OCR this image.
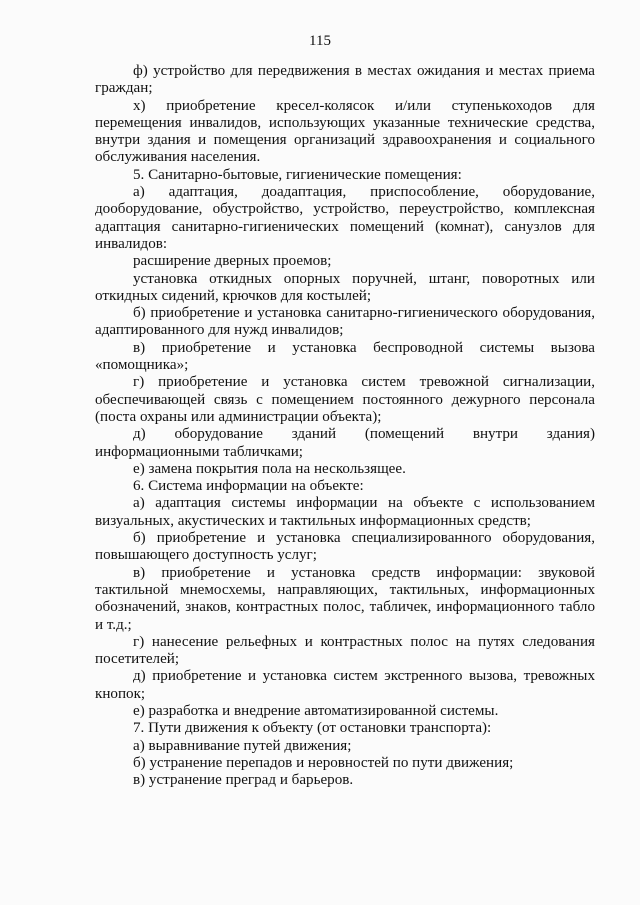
115

ф) устройство для передвижения в местах ожидания и местах приема граждан;

х) приобретение кресел-колясок и/или ступенькоходов для перемещения инвалидов, использующих указанные технические средства, внутри здания и помещения организаций здравоохранения и социального обслуживания населения.

5. Санитарно-бытовые, гигиенические помещения:

а) адаптация, доадаптация, приспособление, оборудование, дооборудование, обустройство, устройство, переустройство, комплексная адаптация санитарно-гигиенических помещений (комнат), санузлов для инвалидов:

расширение дверных проемов;

установка откидных опорных поручней, штанг, поворотных или откидных сидений, крючков для костылей;

б) приобретение и установка санитарно-гигиенического оборудования, адаптированного для нужд инвалидов;

в) приобретение и установка беспроводной системы вызова «помощника»;

г) приобретение и установка систем тревожной сигнализации, обеспечивающей связь с помещением постоянного дежурного персонала (поста охраны или администрации объекта);

д) оборудование зданий (помещений внутри здания) информационными табличками;

е) замена покрытия пола на нескользящее.

6. Система информации на объекте:

а) адаптация системы информации на объекте с использованием визуальных, акустических и тактильных информационных средств;

б) приобретение и установка специализированного оборудования, повышающего доступность услуг;

в) приобретение и установка средств информации: звуковой тактильной мнемосхемы, направляющих, тактильных, информационных обозначений, знаков, контрастных полос, табличек, информационного табло и т.д.;

г) нанесение рельефных и контрастных полос на путях следования посетителей;

д) приобретение и установка систем экстренного вызова, тревожных кнопок;

е) разработка и внедрение автоматизированной системы.

7. Пути движения к объекту (от остановки транспорта):

а) выравнивание путей движения;

б) устранение перепадов и неровностей по пути движения;

в) устранение преград и барьеров.
